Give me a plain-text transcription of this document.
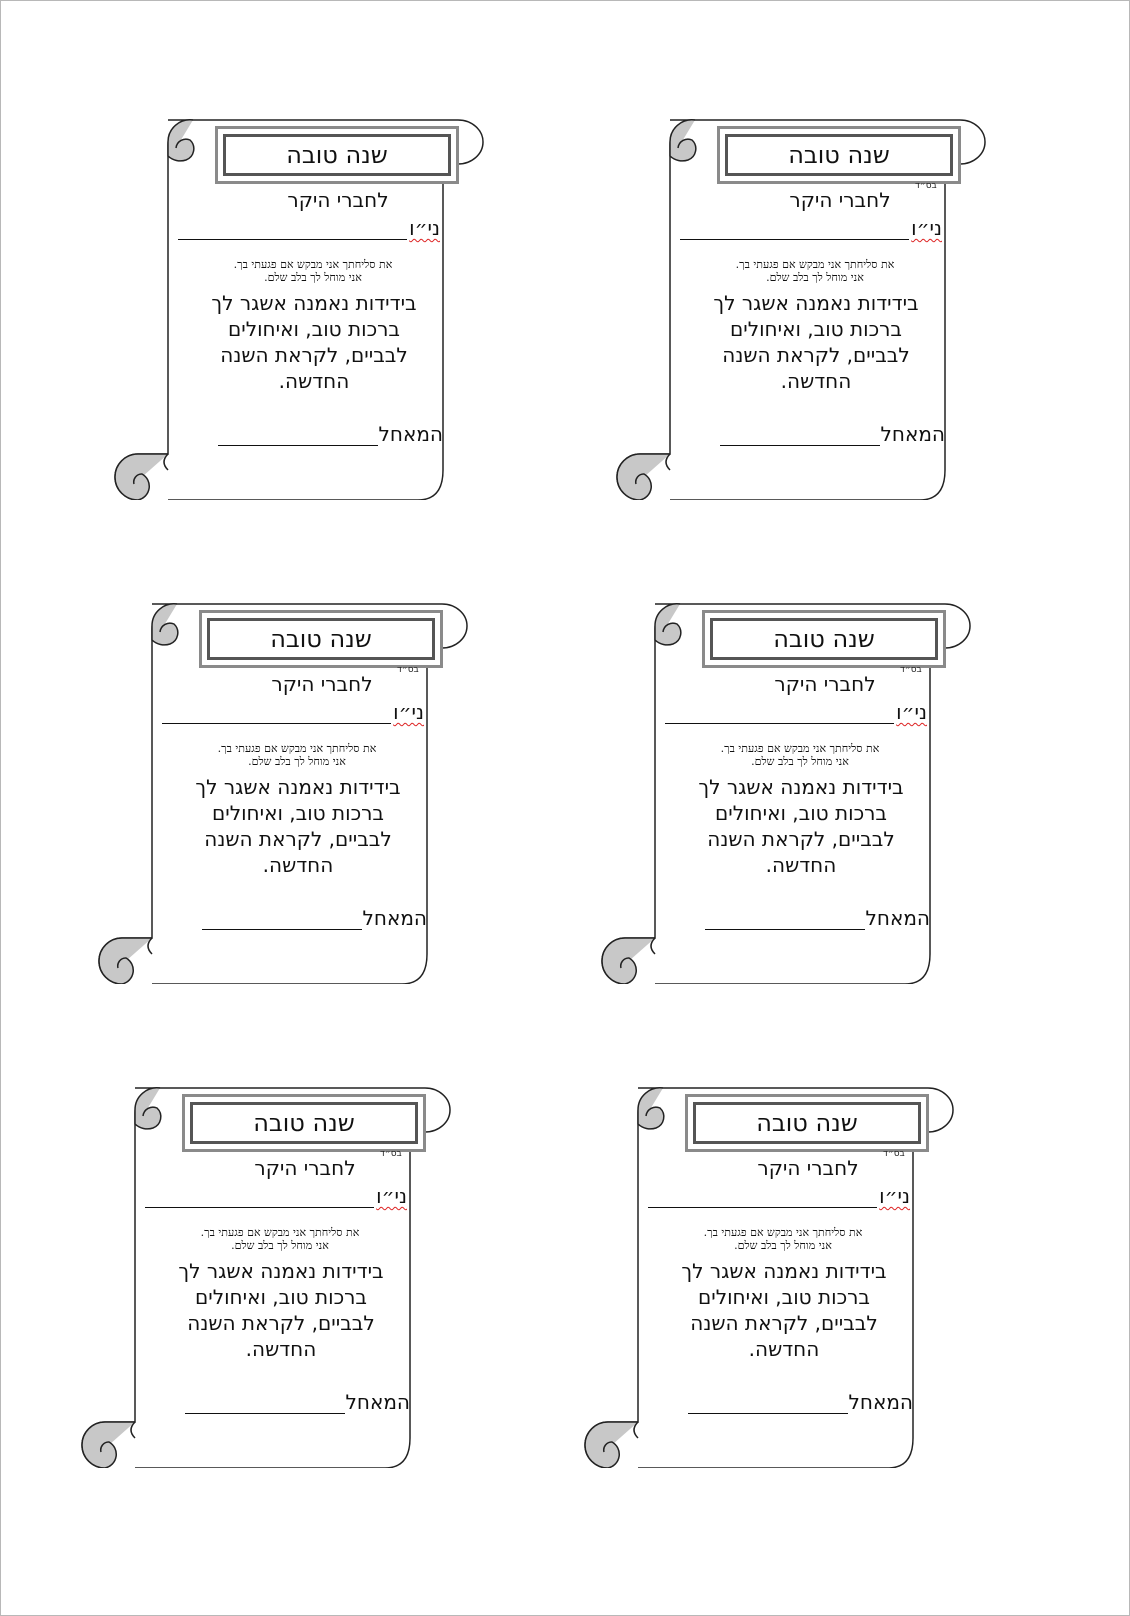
שנה טובה
בס״ד
לחברי היקר
ני״ו
את סליחתך אני מבקש אם פגעתי בך.
אני מוחל לך בלב שלם.
בידידות נאמנה אשגר לך
ברכות טוב, ואיחולים
לבביים, לקראת השנה
החדשה.
המאחל
שנה טובה
לחברי היקר
ני״ו
את סליחתך אני מבקש אם פגעתי בך.
אני מוחל לך בלב שלם.
בידידות נאמנה אשגר לך
ברכות טוב, ואיחולים
לבביים, לקראת השנה
החדשה.
המאחל
שנה טובה
בס״ד
לחברי היקר
ני״ו
את סליחתך אני מבקש אם פגעתי בך.
אני מוחל לך בלב שלם.
בידידות נאמנה אשגר לך
ברכות טוב, ואיחולים
לבביים, לקראת השנה
החדשה.
המאחל
שנה טובה
בס״ד
לחברי היקר
ני״ו
את סליחתך אני מבקש אם פגעתי בך.
אני מוחל לך בלב שלם.
בידידות נאמנה אשגר לך
ברכות טוב, ואיחולים
לבביים, לקראת השנה
החדשה.
המאחל
שנה טובה
בס״ד
לחברי היקר
ני״ו
את סליחתך אני מבקש אם פגעתי בך.
אני מוחל לך בלב שלם.
בידידות נאמנה אשגר לך
ברכות טוב, ואיחולים
לבביים, לקראת השנה
החדשה.
המאחל
שנה טובה
בס״ד
לחברי היקר
ני״ו
את סליחתך אני מבקש אם פגעתי בך.
אני מוחל לך בלב שלם.
בידידות נאמנה אשגר לך
ברכות טוב, ואיחולים
לבביים, לקראת השנה
החדשה.
המאחל
